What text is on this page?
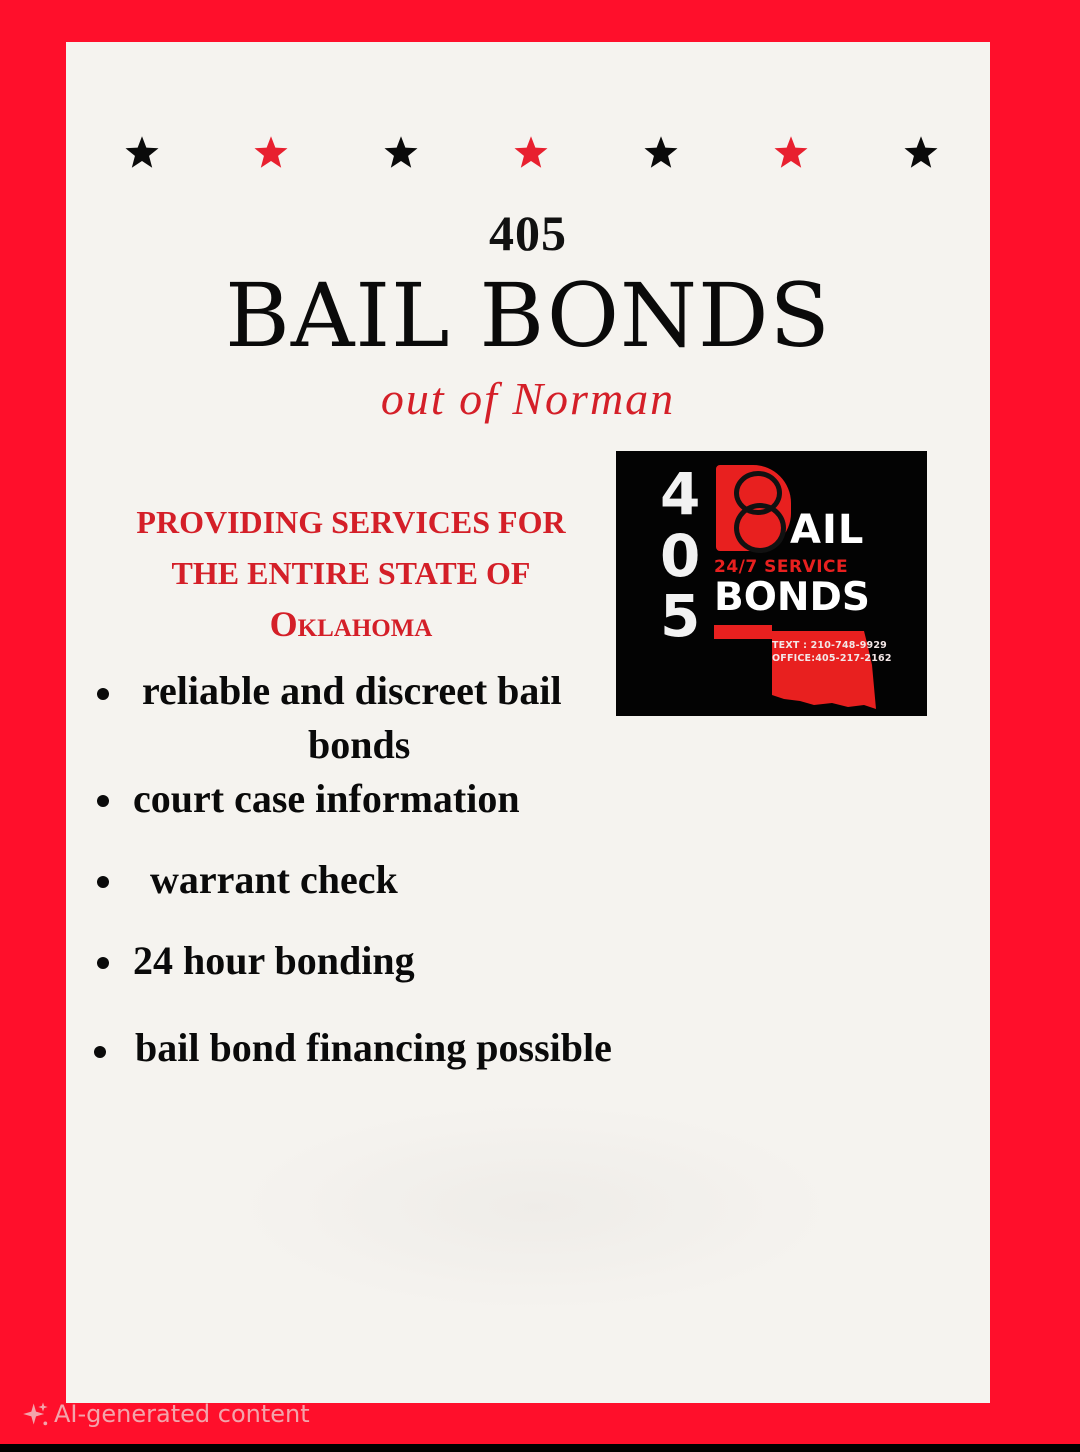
405
BAIL BONDS
out of Norman
PROVIDING SERVICES FOR
THE ENTIRE STATE OF
Oklahoma
4
0
5
AIL
24/7 SERVICE
BONDS
TEXT : 210-748-9929
OFFICE:405-217-2162
reliable and discreet bail
bonds
court case information
warrant check
24 hour bonding
bail bond financing possible
AI-generated content
